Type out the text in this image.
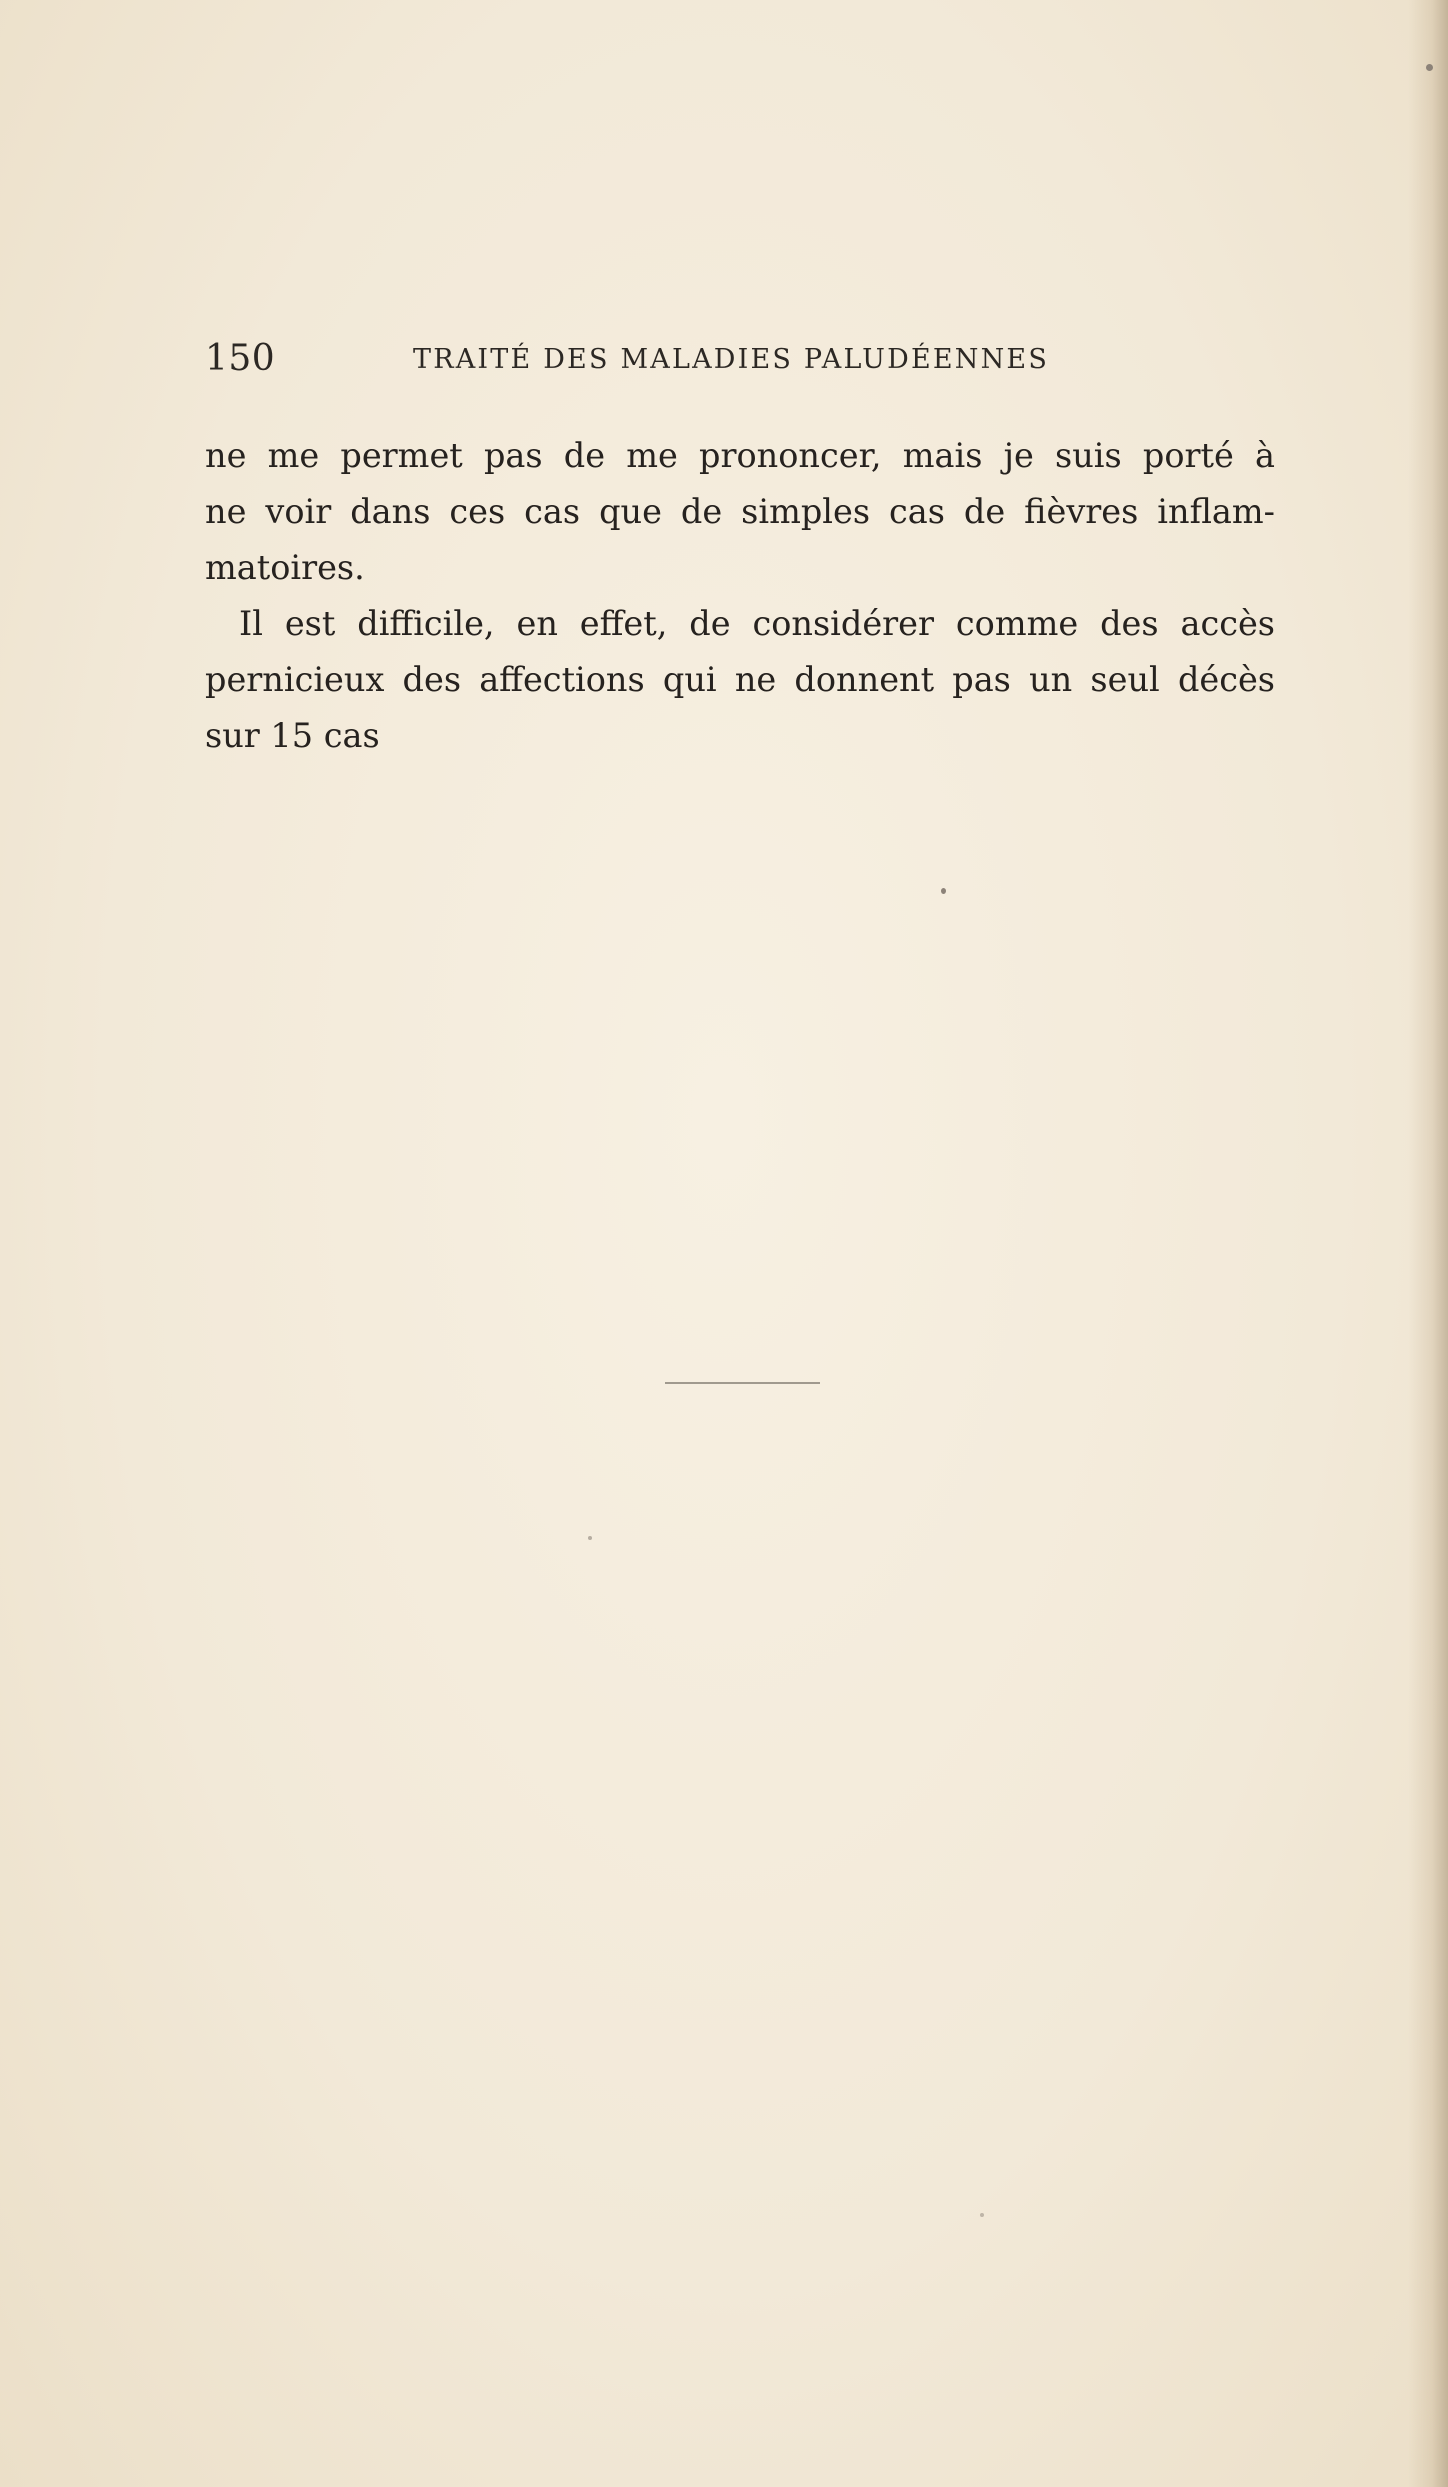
150	TRAITÉ DES MALADIES PALUDÉENNES
ne me permet pas de me prononcer, mais je suis porté à
ne voir dans ces cas que de simples cas de fièvres inflam-
matoires.
Il est difficile, en effet, de considérer comme des accès
pernicieux des affections qui ne donnent pas un seul décès
sur 15 cas
